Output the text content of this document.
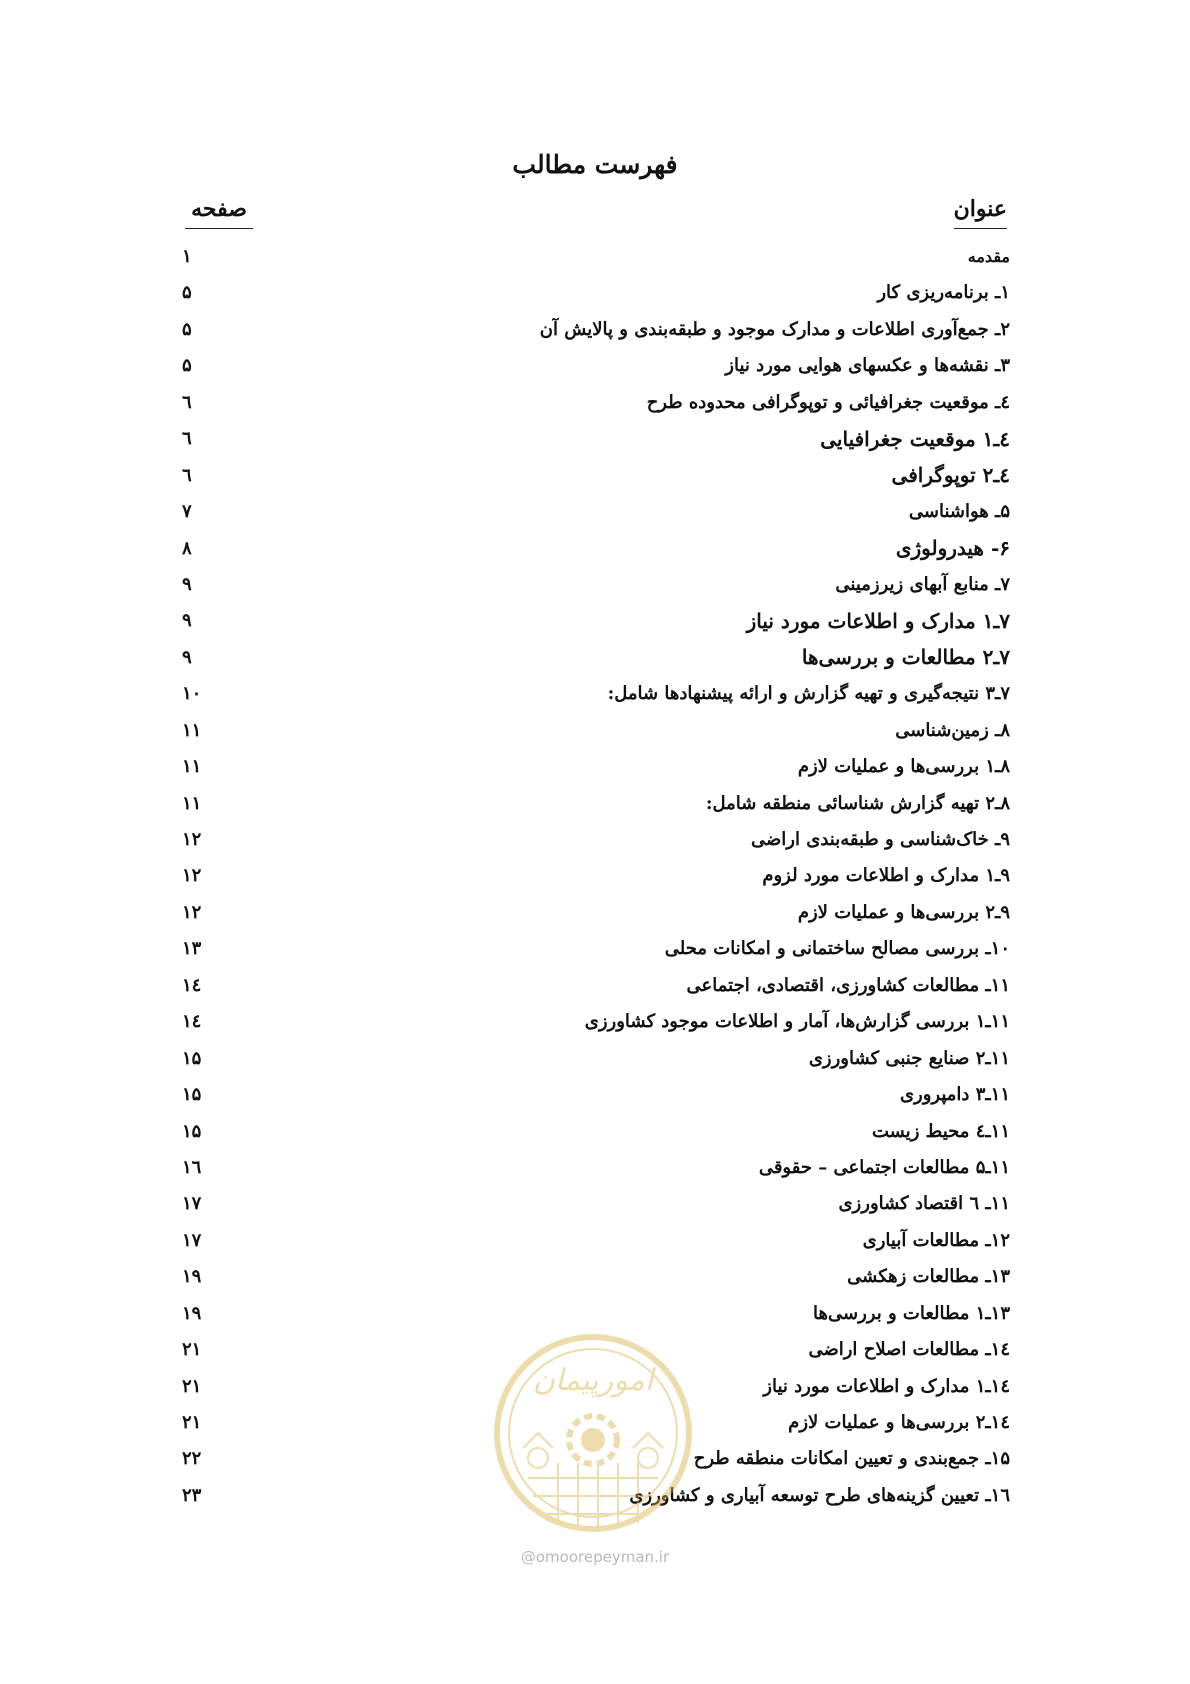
فهرست مطالب
عنوان
صفحه
مقدمه
۱
۱ـ برنامه‌ریزی کار
۵
۲ـ جمع‌آوری اطلاعات و مدارک موجود و طبقه‌بندی و پالایش آن
۵
۳ـ نقشه‌ها و عکسهای هوایی مورد نیاز
۵
٤ـ موقعیت جغرافیائی و توپوگرافی محدوده طرح
٦
٤ـ۱ موقعیت جغرافیایی
٦
٤ـ۲ توپوگرافی
٦
۵ـ هواشناسی
۷
۶- هیدرولوژی
۸
۷ـ منابع آبهای زیرزمینی
۹
۷ـ۱ مدارک و اطلاعات مورد نیاز
۹
۷ـ۲ مطالعات و بررسی‌ها
۹
۷ـ۳ نتیجه‌گیری و تهیه گزارش و ارائه پیشنهادها شامل:
۱۰
۸ـ زمین‌شناسی
۱۱
۸ـ۱ بررسی‌ها و عملیات لازم
۱۱
۸ـ۲ تهیه گزارش شناسائی منطقه شامل:
۱۱
۹ـ خاک‌شناسی و طبقه‌بندی اراضی
۱۲
۹ـ۱ مدارک و اطلاعات مورد لزوم
۱۲
۹ـ۲ بررسی‌ها و عملیات لازم
۱۲
۱۰ـ بررسی مصالح ساختمانی و امکانات محلی
۱۳
۱۱ـ مطالعات کشاورزی، اقتصادی، اجتماعی
۱٤
۱۱ـ۱ بررسی گزارش‌ها، آمار و اطلاعات موجود کشاورزی
۱٤
۱۱ـ۲ صنایع جنبی کشاورزی
۱۵
۱۱ـ۳ دامپروری
۱۵
۱۱ـ٤ محیط زیست
۱۵
۱۱ـ۵ مطالعات اجتماعی – حقوقی
۱٦
۱۱ـ ٦ اقتصاد کشاورزی
۱۷
۱۲ـ مطالعات آبیاری
۱۷
۱۳ـ مطالعات زهکشی
۱۹
۱۳ـ۱ مطالعات و بررسی‌ها
۱۹
۱٤ـ مطالعات اصلاح اراضی
۲۱
۱٤ـ۱ مدارک و اطلاعات مورد نیاز
۲۱
۱٤ـ۲ بررسی‌ها و عملیات لازم
۲۱
۱۵ـ جمع‌بندی و تعیین امکانات منطقه طرح
۲۲
۱٦ـ تعیین گزینه‌های طرح توسعه آبیاری و کشاورزی
۲۳
امورپیمان
@omoorepeyman.ir
